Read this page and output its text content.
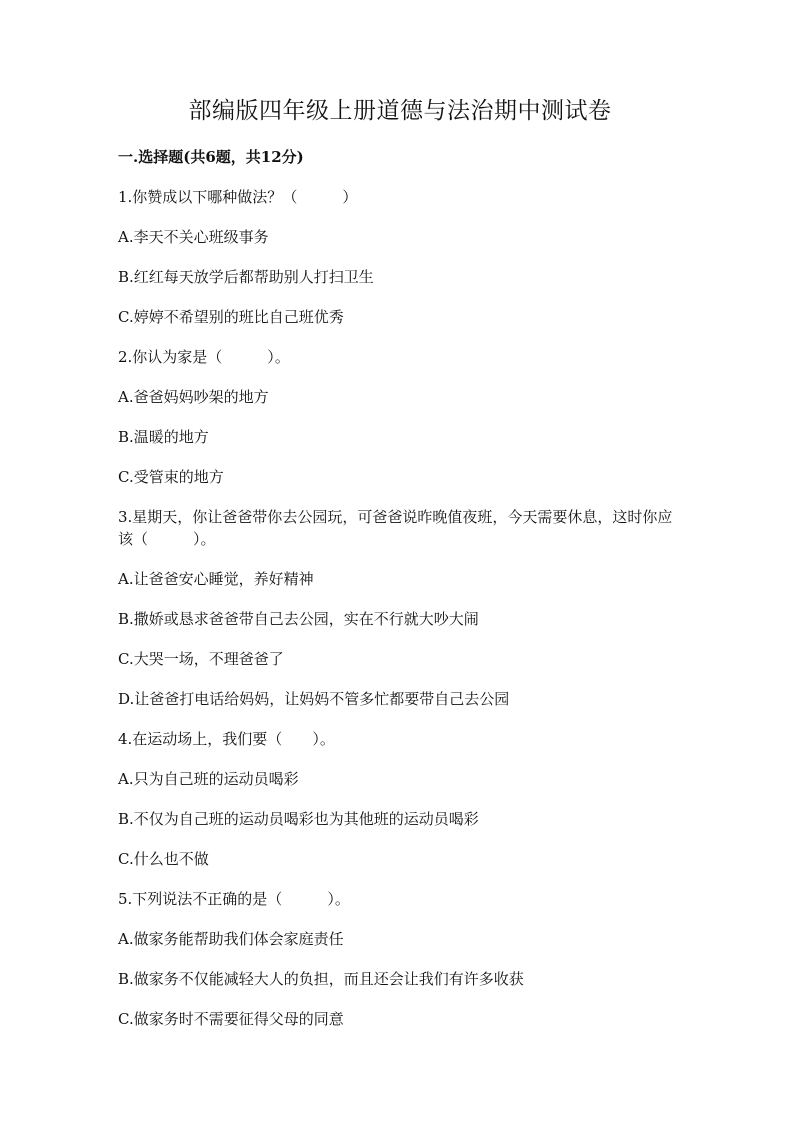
部编版四年级上册道德与法治期中测试卷
一.选择题(共6题，共12分)
1.你赞成以下哪种做法？（　　　）
A.李天不关心班级事务
B.红红每天放学后都帮助别人打扫卫生
C.婷婷不希望别的班比自己班优秀
2.你认为家是（　　　）。
A.爸爸妈妈吵架的地方
B.温暖的地方
C.受管束的地方
3.星期天，你让爸爸带你去公园玩，可爸爸说昨晚值夜班，今天需要休息，这时你应该（　　　）。
A.让爸爸安心睡觉，养好精神
B.撒娇或恳求爸爸带自己去公园，实在不行就大吵大闹
C.大哭一场，不理爸爸了
D.让爸爸打电话给妈妈，让妈妈不管多忙都要带自己去公园
4.在运动场上，我们要（　　）。
A.只为自己班的运动员喝彩
B.不仅为自己班的运动员喝彩也为其他班的运动员喝彩
C.什么也不做
5.下列说法不正确的是（　　　）。
A.做家务能帮助我们体会家庭责任
B.做家务不仅能减轻大人的负担，而且还会让我们有许多收获
C.做家务时不需要征得父母的同意
